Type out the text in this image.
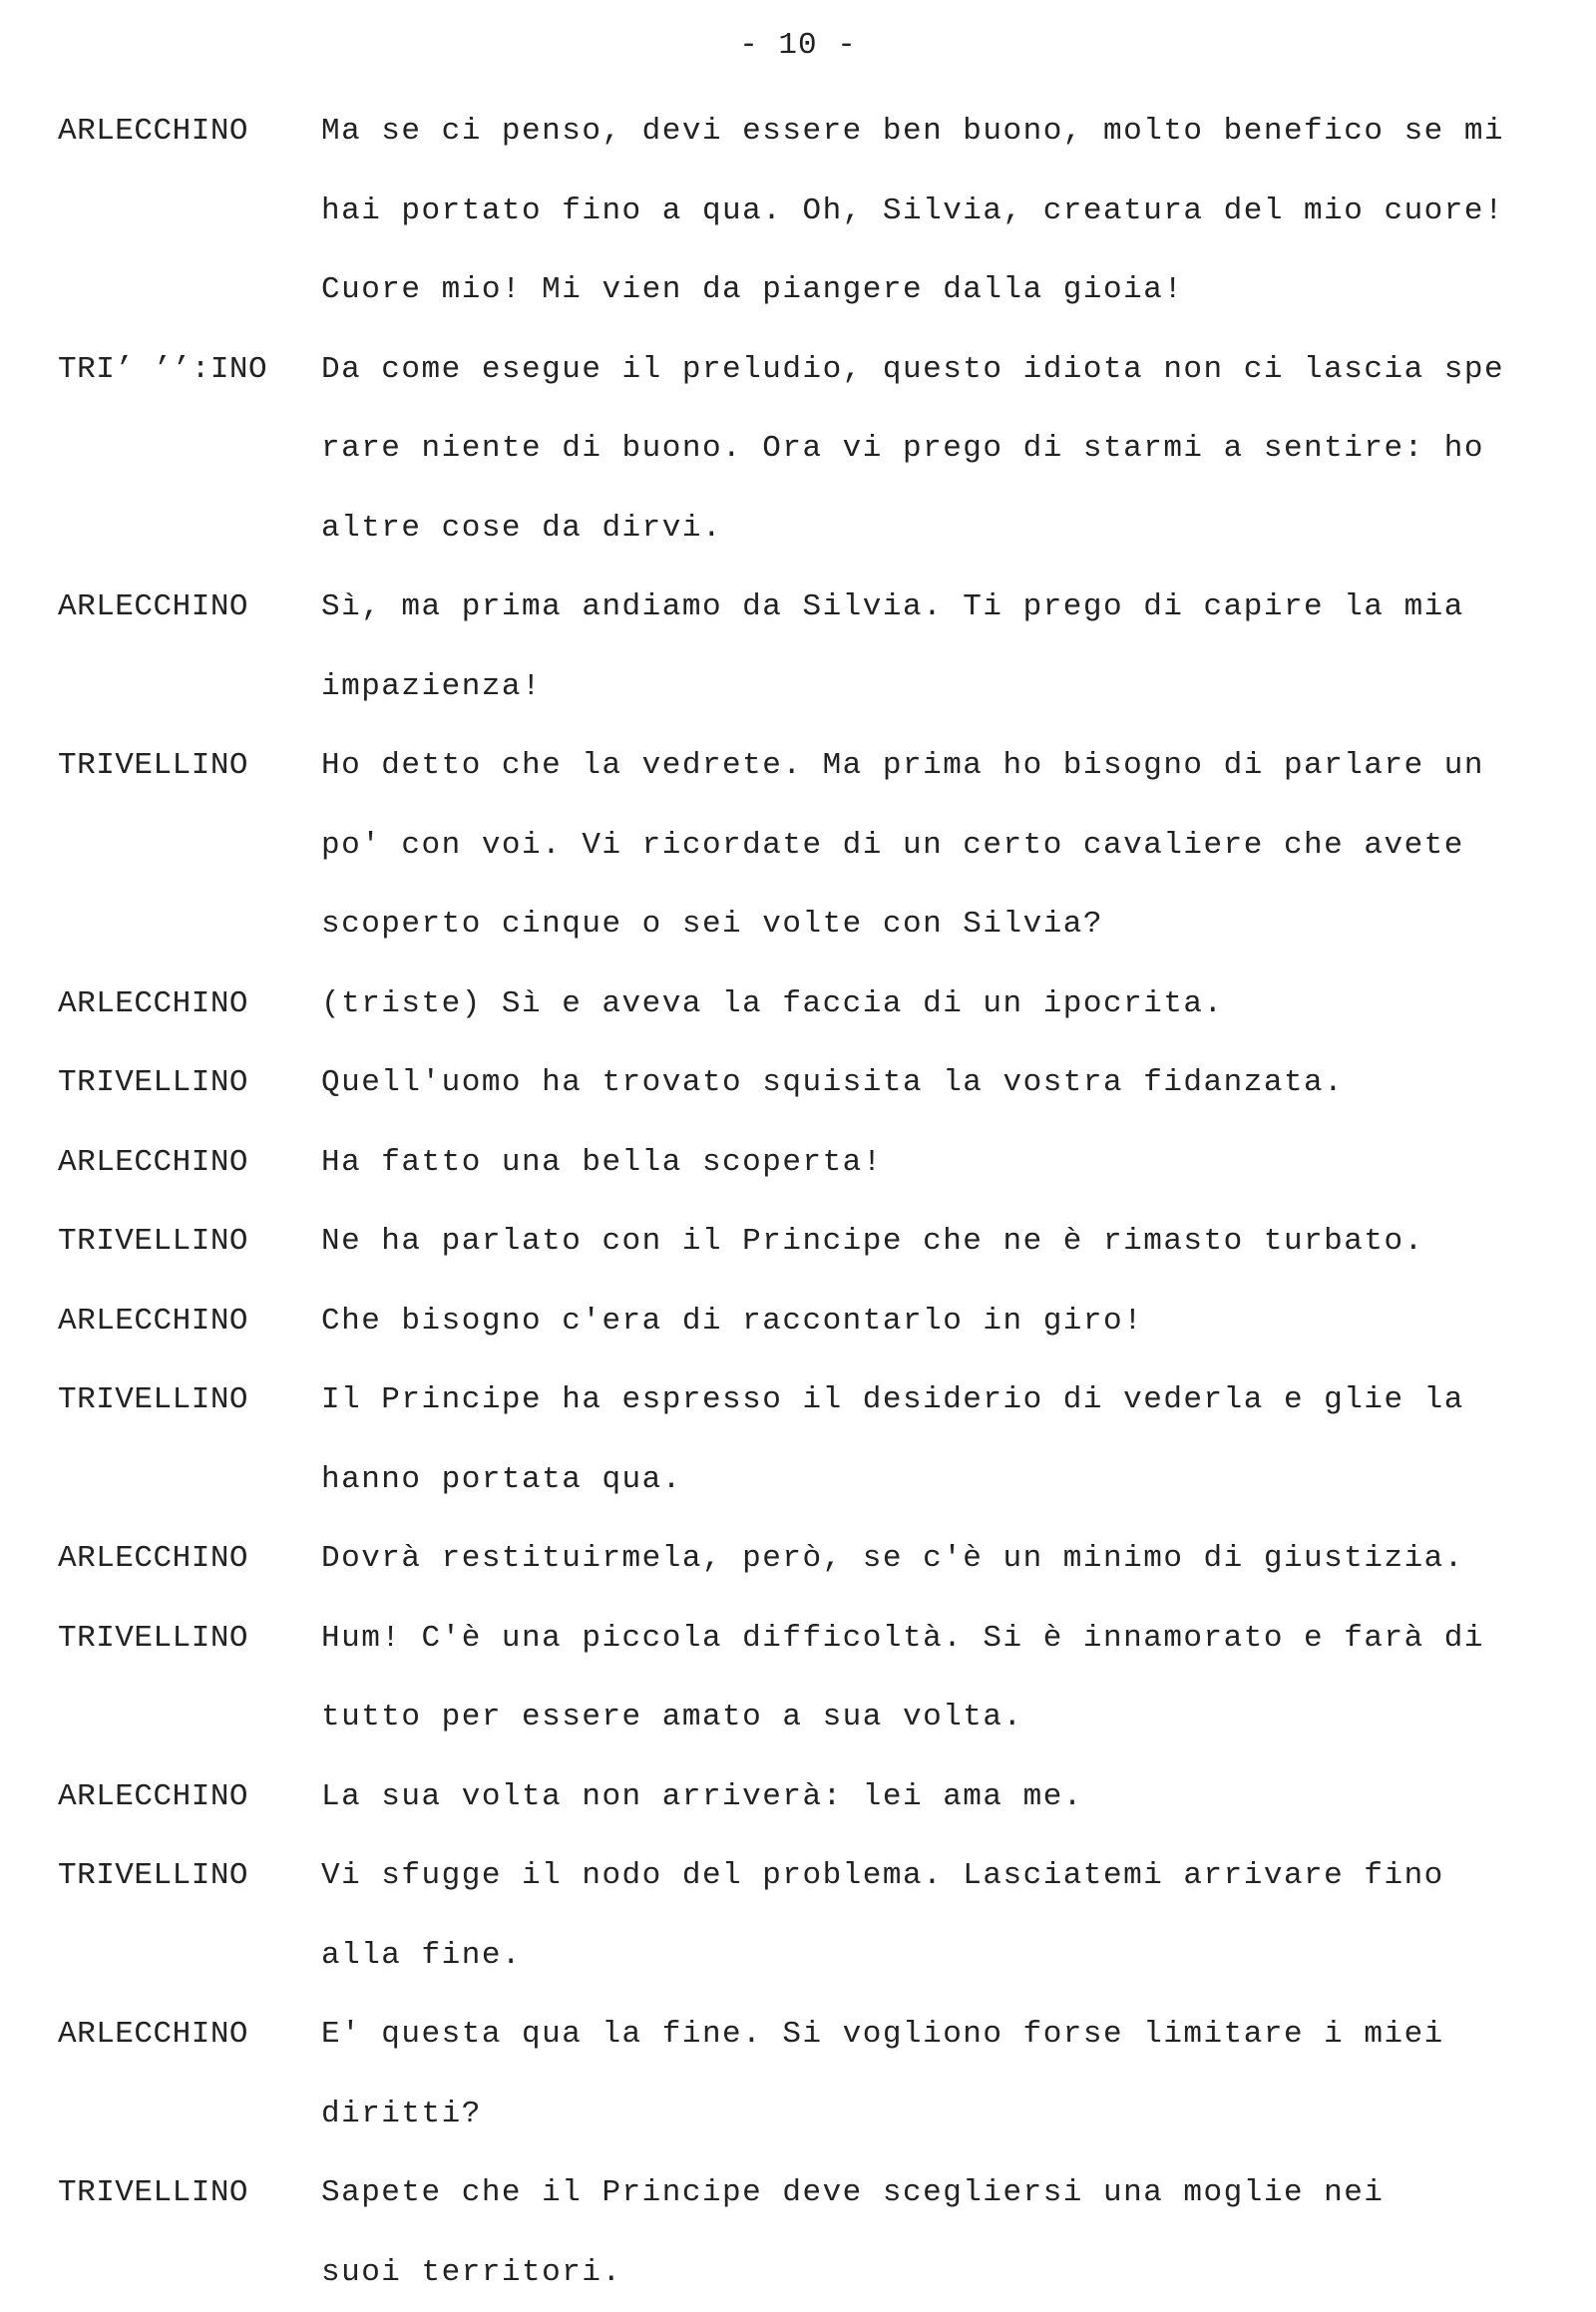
- 10 -
ARLECCHINO	Ma se ci penso, devi essere ben buono, molto benefico se mi
hai portato fino a qua. Oh, Silvia, creatura del mio cuore!
Cuore mio! Mi vien da piangere dalla gioia!
TRI’ ’’:INO	Da come esegue il preludio, questo idiota non ci lascia spe
rare niente di buono. Ora vi prego di starmi a sentire: ho
altre cose da dirvi.
ARLECCHINO	Sì, ma prima andiamo da Silvia. Ti prego di capire la mia
impazienza!
TRIVELLINO	Ho detto che la vedrete. Ma prima ho bisogno di parlare un
po' con voi. Vi ricordate di un certo cavaliere che avete
scoperto cinque o sei volte con Silvia?
ARLECCHINO	(triste) Sì e aveva la faccia di un ipocrita.
TRIVELLINO	Quell'uomo ha trovato squisita la vostra fidanzata.
ARLECCHINO	Ha fatto una bella scoperta!
TRIVELLINO	Ne ha parlato con il Principe che ne è rimasto turbato.
ARLECCHINO	Che bisogno c'era di raccontarlo in giro!
TRIVELLINO	Il Principe ha espresso il desiderio di vederla e glie la
hanno portata qua.
ARLECCHINO	Dovrà restituirmela, però, se c'è un minimo di giustizia.
TRIVELLINO	Hum! C'è una piccola difficoltà. Si è innamorato e farà di
tutto per essere amato a sua volta.
ARLECCHINO	La sua volta non arriverà: lei ama me.
TRIVELLINO	Vi sfugge il nodo del problema. Lasciatemi arrivare fino
alla fine.
ARLECCHINO	E' questa qua la fine. Si vogliono forse limitare i miei
diritti?
TRIVELLINO	Sapete che il Principe deve scegliersi una moglie nei
suoi territori.
